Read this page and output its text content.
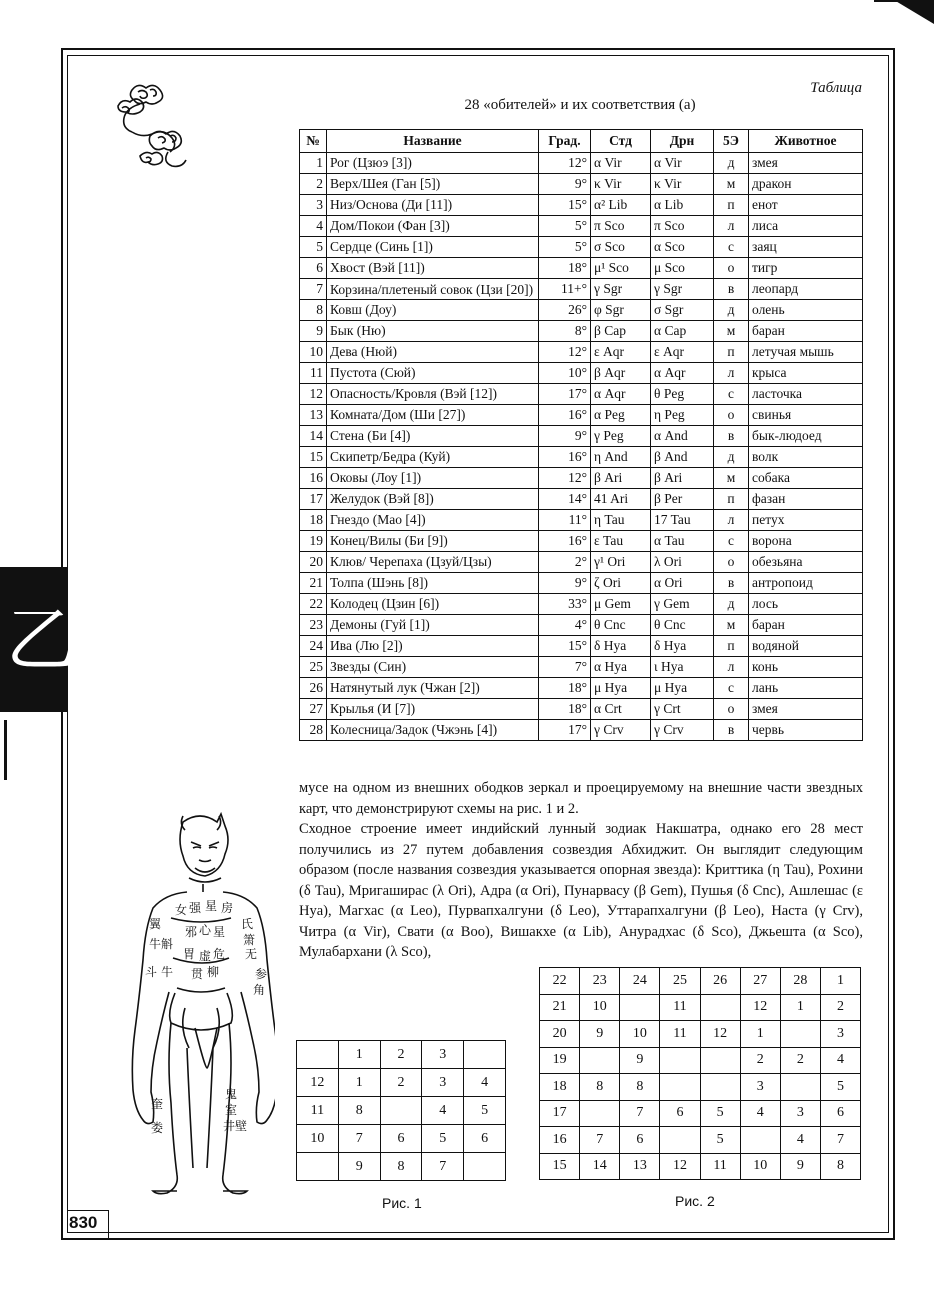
乙
Таблица
28 «обителей» и их соответствия (а)
№	Название	Град.	Стд	Дрн	5Э	Животное
1	Рог (Цзюэ [3])	12°	α Vir	α Vir	д	змея
2	Верх/Шея (Ган [5])	9°	κ Vir	κ Vir	м	дракон
3	Низ/Основа (Ди [11])	15°	α² Lib	α Lib	п	енот
4	Дом/Покои (Фан [3])	5°	π Sco	π Sco	л	лиса
5	Сердце (Синь [1])	5°	σ Sco	α Sco	с	заяц
6	Хвост (Вэй [11])	18°	μ¹ Sco	μ Sco	о	тигр
7	Корзина/плетеный совок (Цзи [20])	11+°	γ Sgr	γ Sgr	в	леопард
8	Ковш (Доу)	26°	φ Sgr	σ Sgr	д	олень
9	Бык (Ню)	8°	β Cap	α Cap	м	баран
10	Дева (Нюй)	12°	ε Aqr	ε Aqr	п	летучая мышь
11	Пустота (Сюй)	10°	β Aqr	α Aqr	л	крыса
12	Опасность/Кровля (Вэй [12])	17°	α Aqr	θ Peg	с	ласточка
13	Комната/Дом (Ши [27])	16°	α Peg	η Peg	о	свинья
14	Стена (Би [4])	9°	γ Peg	α And	в	бык-людоед
15	Скипетр/Бедра (Куй)	16°	η And	β And	д	волк
16	Оковы (Лоу [1])	12°	β Ari	β Ari	м	собака
17	Желудок (Вэй [8])	14°	41 Ari	β Per	п	фазан
18	Гнездо (Мао [4])	11°	η Tau	17 Tau	л	петух
19	Конец/Вилы (Би [9])	16°	ε Tau	α Tau	с	ворона
20	Клюв/ Черепаха (Цзуй/Цзы)	2°	γ¹ Ori	λ Ori	о	обезьяна
21	Толпа (Шэнь [8])	9°	ζ Ori	α Ori	в	антропоид
22	Колодец (Цзин [6])	33°	μ Gem	γ Gem	д	лось
23	Демоны (Гуй [1])	4°	θ Cnc	θ Cnc	м	баран
24	Ива (Лю [2])	15°	δ Hya	δ Hya	п	водяной
25	Звезды (Син)	7°	α Hya	ι Hya	л	конь
26	Натянутый лук (Чжан [2])	18°	μ Hya	μ Hya	с	лань
27	Крылья (И [7])	18°	α Crt	γ Crt	о	змея
28	Колесница/Задок (Чжэнь [4])	17°	γ Crv	γ Crv	в	червь

мусе на одном из внешних ободков зеркал и проецируемому на внешние части звездных карт, что демонстрируют схемы на рис. 1 и 2.

Сходное строение имеет индийский лунный зодиак Накшатра, однако его 28 мест получились из 27 путем добавления созвездия Абхиджит. Он выглядит следующим образом (после названия созвездия указывается опорная звезда): Криттика (η Tau), Рохини (δ Tau), Мригаширас (λ Ori), Адра (α Ori), Пунарвасу (β Gem), Пушья (δ Cnc), Ашлешас (ε Hya), Магхас (α Leo), Пурвапхалгуни (δ Leo), Уттарапхалгуни (β Leo), Наста (γ Crv), Читра (α Vir), Свати (α Boo), Вишакхе (α Lib), Анурадхас (δ Sco), Джьешта (α Sco), Мулабархани (λ Sco),

女 强 星 房
翼
牛 斛
氏
箫
无
邪 心 星
胃 虚 危
贯 柳
斗 牛	参
角
奎
娄
鬼
室
井 壁
	1	2	3	
12	1	2	3	4
11	8		4	5
10	7	6	5	6
	9	8	7	
Рис. 1
22	23	24	25	26	27	28	1
21	10		11		12	1	2
20	9	10	11	12	1		3
19		9			2	2	4
18	8	8			3		5
17		7	6	5	4	3	6
16	7	6		5		4	7
15	14	13	12	11	10	9	8
Рис. 2
830
